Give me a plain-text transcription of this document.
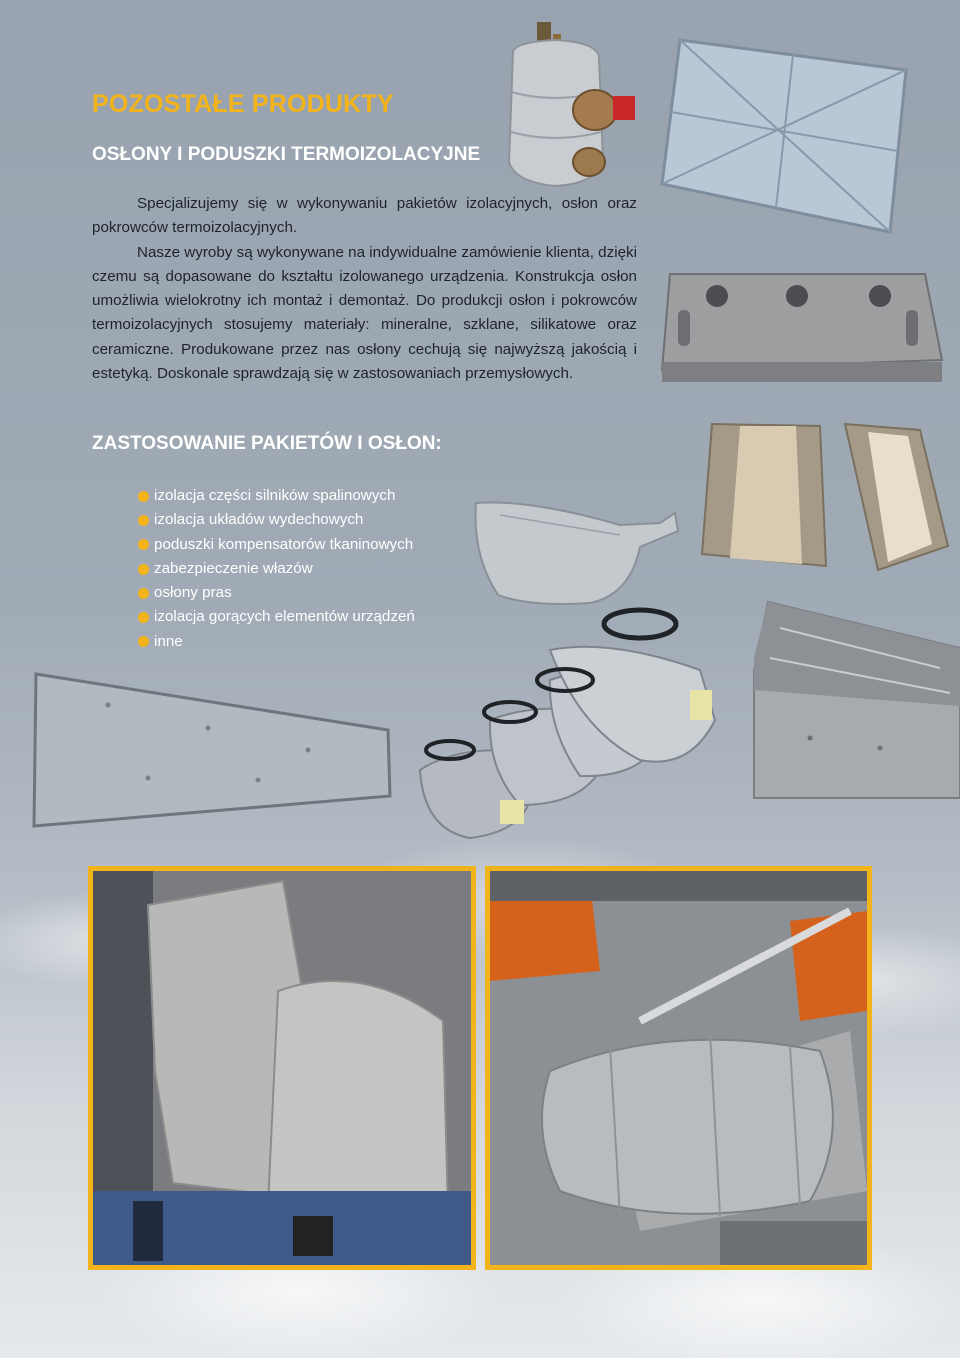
POZOSTAŁE PRODUKTY
OSŁONY I PODUSZKI TERMOIZOLACYJNE

Specjalizujemy się w wykonywaniu pakietów izolacyjnych, osłon oraz pokrowców termoizolacyjnych.

Nasze wyroby są wykonywane na indywidualne zamówienie klienta, dzięki czemu są dopasowane do kształtu izolowanego urządzenia. Konstrukcja osłon umożliwia wielokrotny ich montaż i demontaż. Do produkcji osłon i pokrowców termoizolacyjnych stosujemy materiały: mineralne, szklane, silikatowe oraz ceramiczne. Produkowane przez nas osłony cechują się najwyższą jakością i estetyką. Doskonale sprawdzają się w zastosowaniach przemysłowych.

ZASTOSOWANIE PAKIETÓW I OSŁON:
izolacja części silników spalinowych
izolacja układów wydechowych
poduszki kompensatorów tkaninowych
zabezpieczenie włazów
osłony pras
izolacja gorących elementów urządzeń
inne
